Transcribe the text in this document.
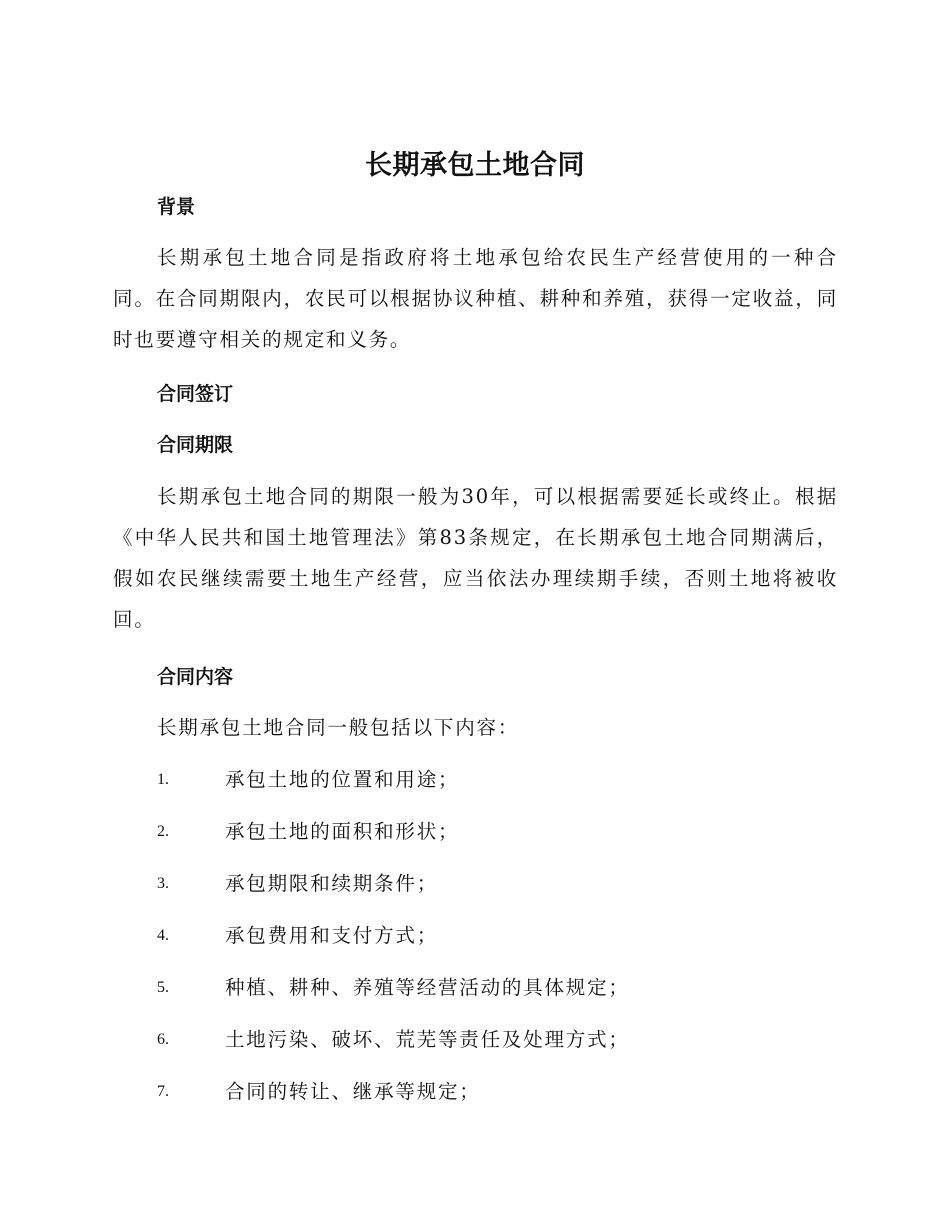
长期承包土地合同
背景
长期承包土地合同是指政府将土地承包给农民生产经营使用的一种合同。在合同期限内，农民可以根据协议种植、耕种和养殖，获得一定收益，同时也要遵守相关的规定和义务。
合同签订
合同期限
长期承包土地合同的期限一般为30年，可以根据需要延长或终止。根据《中华人民共和国土地管理法》第83条规定，在长期承包土地合同期满后，假如农民继续需要土地生产经营，应当依法办理续期手续，否则土地将被收回。
合同内容
长期承包土地合同一般包括以下内容：
1.	承包土地的位置和用途；
2.	承包土地的面积和形状；
3.	承包期限和续期条件；
4.	承包费用和支付方式；
5.	种植、耕种、养殖等经营活动的具体规定；
6.	土地污染、破坏、荒芜等责任及处理方式；
7.	合同的转让、继承等规定；
